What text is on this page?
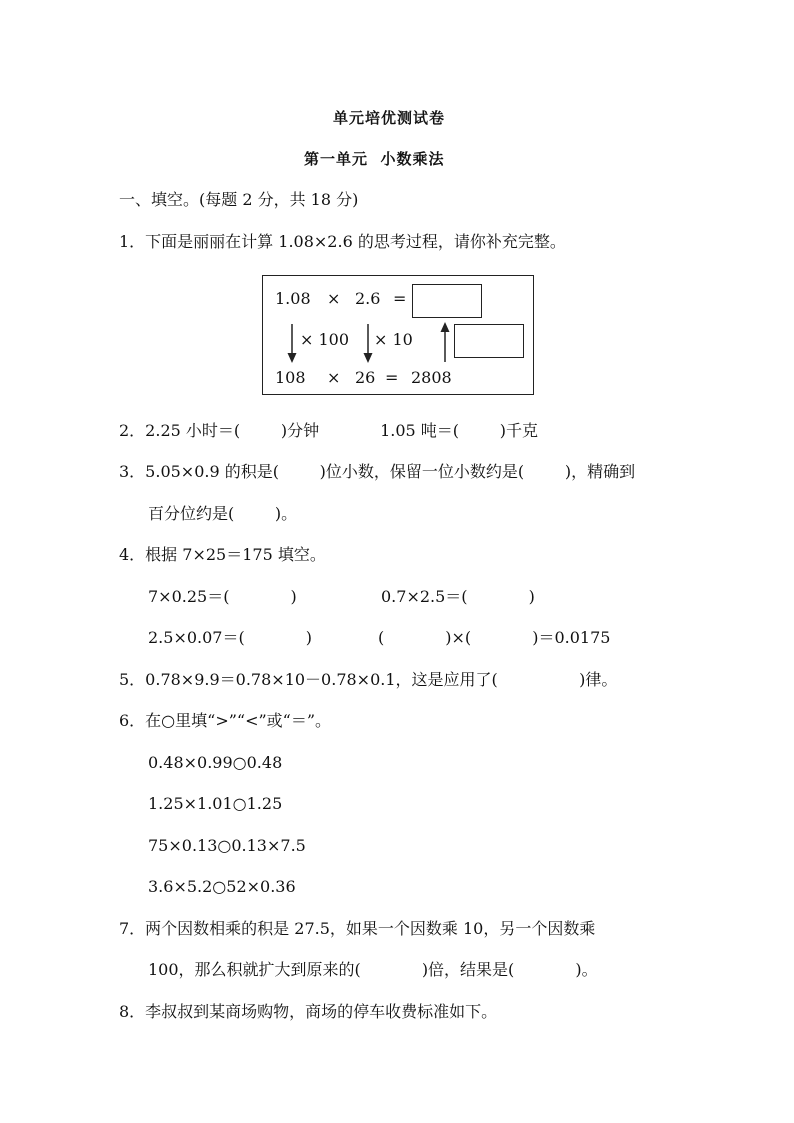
单元培优测试卷
第一单元  小数乘法
一、填空。(每题 2 分，共 18 分)
1．下面是丽丽在计算 1.08×2.6 的思考过程，请你补充完整。
1.08 × 2.6 =
× 100 × 10
108 × 26 = 2808
2．2.25 小时＝(        )分钟            1.05 吨＝(        )千克
3．5.05×0.9 的积是(        )位小数，保留一位小数约是(        )，精确到
百分位约是(        )。
4．根据 7×25＝175 填空。
7×0.25＝(            )	0.7×2.5＝(            )
2.5×0.07＝(            )	(            )×(            )＝0.0175
5．0.78×9.9＝0.78×10－0.78×0.1，这是应用了(                )律。
6．在○里填“>”“<”或“＝”。
0.48×0.99○0.48
1.25×1.01○1.25
75×0.13○0.13×7.5
3.6×5.2○52×0.36
7．两个因数相乘的积是 27.5，如果一个因数乘 10，另一个因数乘
100，那么积就扩大到原来的(            )倍，结果是(            )。
8．李叔叔到某商场购物，商场的停车收费标准如下。
